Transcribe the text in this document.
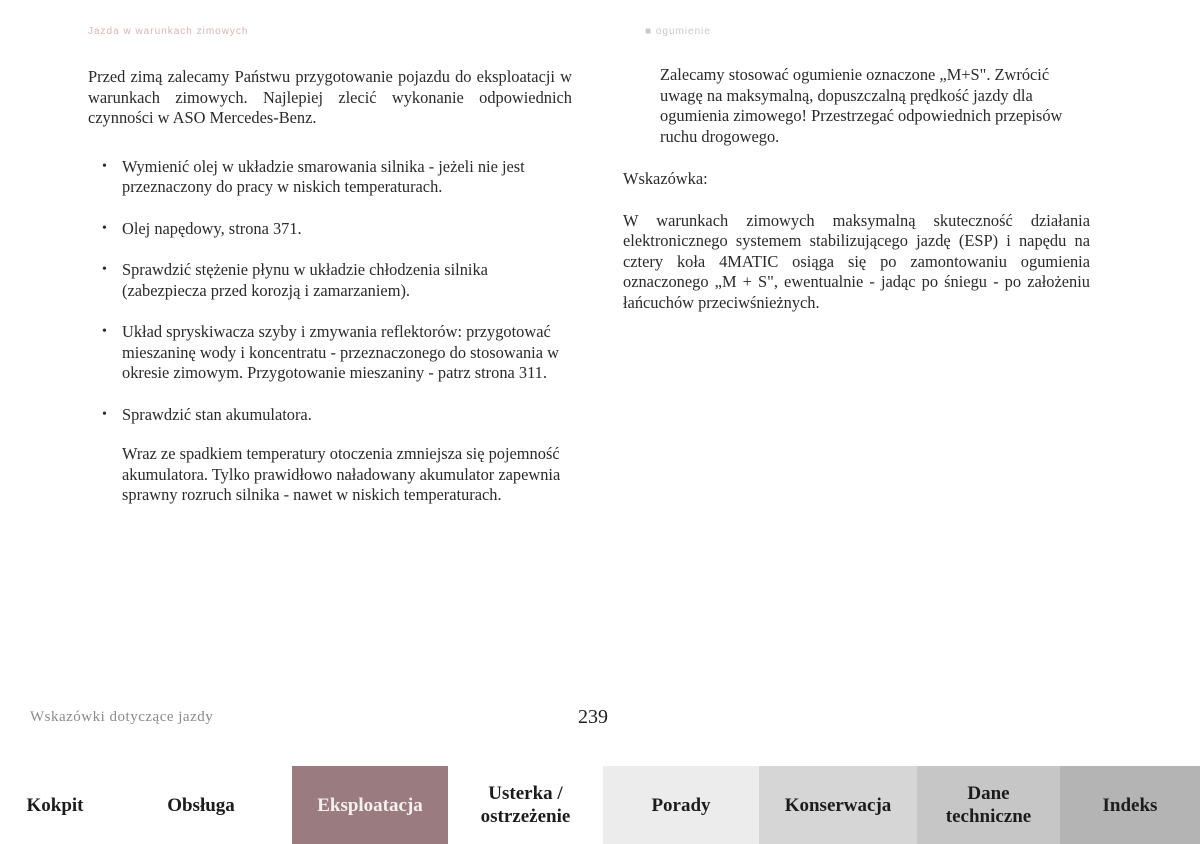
Jazda w warunkach zimowych	■ ogumienie

Przed zimą zalecamy Państwu przygotowanie pojazdu do eksploatacji w warunkach zimowych. Najlepiej zlecić wykonanie odpowiednich czynności w ASO Mercedes-Benz.

• Wymienić olej w układzie smarowania silnika - jeżeli nie jest przeznaczony do pracy w niskich temperaturach.
• Olej napędowy, strona 371.
• Sprawdzić stężenie płynu w układzie chłodzenia silnika (zabezpiecza przed korozją i zamarzaniem).
• Układ spryskiwacza szyby i zmywania reflektorów: przygotować mieszaninę wody i koncentratu - przeznaczonego do stosowania w okresie zimowym. Przygotowanie mieszaniny - patrz strona 311.
• Sprawdzić stan akumulatora.

Wraz ze spadkiem temperatury otoczenia zmniejsza się pojemność akumulatora. Tylko prawidłowo naładowany akumulator zapewnia sprawny rozruch silnika - nawet w niskich temperaturach.

Zalecamy stosować ogumienie oznaczone „M+S". Zwrócić uwagę na maksymalną, dopuszczalną prędkość jazdy dla ogumienia zimowego! Przestrzegać odpowiednich przepisów ruchu drogowego.

Wskazówka:

W warunkach zimowych maksymalną skuteczność działania elektronicznego systemem stabilizującego jazdę (ESP) i napędu na cztery koła 4MATIC osiąga się po zamontowaniu ogumienia oznaczonego „M + S", ewentualnie - jadąc po śniegu - po założeniu łańcuchów przeciwśnieżnych.

Wskazówki dotyczące jazdy	239
Kokpit	Obsługa	Eksploatacja
Usterka /
ostrzeżenie
Porady	Konserwacja
Dane
techniczne
Indeks
